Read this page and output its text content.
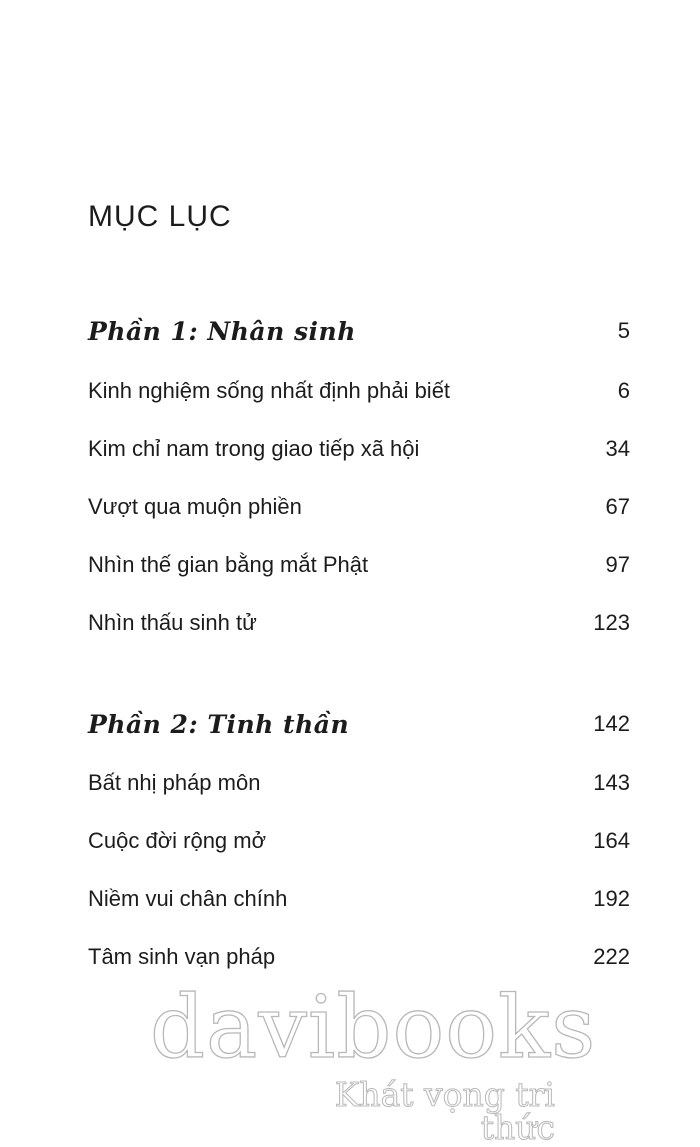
MỤC LỤC
Phần 1: Nhân sinh	5
Kinh nghiệm sống nhất định phải biết	6
Kim chỉ nam trong giao tiếp xã hội	34
Vượt qua muộn phiền	67
Nhìn thế gian bằng mắt Phật	97
Nhìn thấu sinh tử	123
Phần 2: Tinh thần	142
Bất nhị pháp môn	143
Cuộc đời rộng mở	164
Niềm vui chân chính	192
Tâm sinh vạn pháp	222
davibooks
Khát vọng tri thức
